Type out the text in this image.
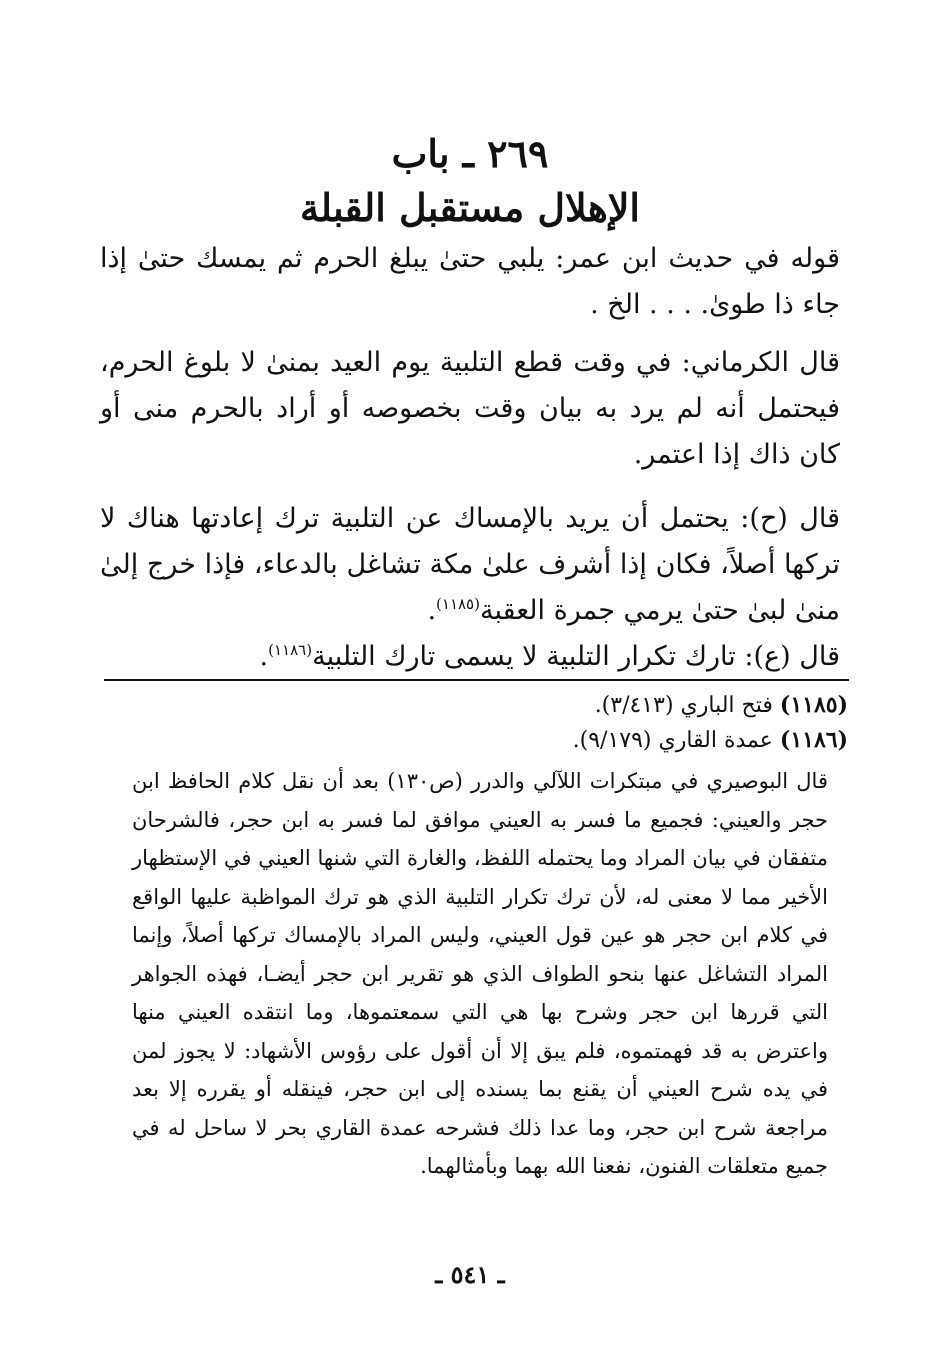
٢٦٩ ـ باب
الإهلال مستقبل القبلة

قوله في حديث ابن عمر: يلبي حتىٰ يبلغ الحرم ثم يمسك حتىٰ إذا جاء ذا طوىٰ. . . . الخ .

قال الكرماني: في وقت قطع التلبية يوم العيد بمنىٰ لا بلوغ الحرم، فيحتمل أنه لم يرد به بيان وقت بخصوصه أو أراد بالحرم منى أو كان ذاك إذا اعتمر.

قال (ح): يحتمل أن يريد بالإمساك عن التلبية ترك إعادتها هناك لا تركها أصلاً، فكان إذا أشرف علىٰ مكة تشاغل بالدعاء، فإذا خرج إلىٰ منىٰ لبىٰ حتىٰ يرمي جمرة العقبة$^{(١١٨٥)}$.

قال (ع): تارك تكرار التلبية لا يسمى تارك التلبية$^{(١١٨٦)}$.

(١١٨٥) فتح الباري (٣/٤١٣).

(١١٨٦) عمدة القاري (٩/١٧٩).

قال البوصيري في مبتكرات اللآلي والدرر (ص١٣٠) بعد أن نقل كلام الحافظ ابن حجر والعيني: فجميع ما فسر به العيني موافق لما فسر به ابن حجر، فالشرحان متفقان في بيان المراد وما يحتمله اللفظ، والغارة التي شنها العيني في الإستظهار الأخير مما لا معنى له، لأن ترك تكرار التلبية الذي هو ترك المواظبة عليها الواقع في كلام ابن حجر هو عين قول العيني، وليس المراد بالإمساك تركها أصلاً، وإنما المراد التشاغل عنها بنحو الطواف الذي هو تقرير ابن حجر أيضـا، فهذه الجواهر التي قررها ابن حجر وشرح بها هي التي سمعتموها، وما انتقده العيني منها واعترض به قد فهمتموه، فلم يبق إلا أن أقول على رؤوس الأشهاد: لا يجوز لمن في يده شرح العيني أن يقنع بما يسنده إلى ابن حجر، فينقله أو يقرره إلا بعد مراجعة شرح ابن حجر، وما عدا ذلك فشرحه عمدة القاري بحر لا ساحل له في جميع متعلقات الفنون، نفعنا الله بهما وبأمثالهما.

ـ ٥٤١ ـ
